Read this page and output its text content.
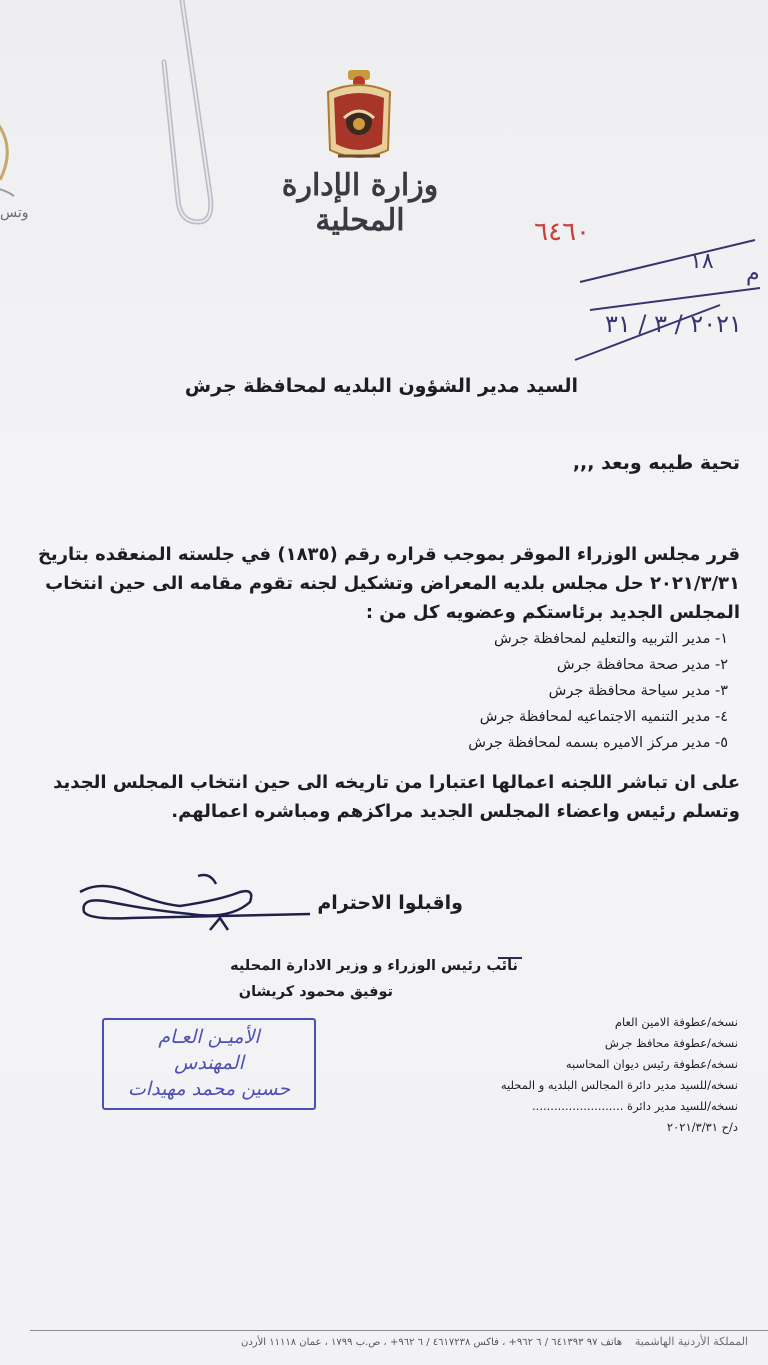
وتس
وزارة الإدارة المحلية	٦٤٦٠
١٨ م
٢٠٢١ / ٣ / ٣١
السيد مدير الشؤون البلديه لمحافظة جرش
تحية طيبه وبعد ,,,
قرر مجلس الوزراء الموقر بموجب قراره رقم (١٨٣٥) في جلسته المنعقده بتاريخ ٢٠٢١/٣/٣١ حل مجلس بلديه المعراض وتشكيل لجنه تقوم مقامه الى حين انتخاب المجلس الجديد برئاستكم وعضويه كل من :
١- مدير التربيه والتعليم لمحافظة جرش
٢- مدير صحة محافظة جرش
٣- مدير سياحة محافظة جرش
٤- مدير التنميه الاجتماعيه لمحافظة جرش
٥- مدير مركز الاميره بسمه لمحافظة جرش
على ان تباشر اللجنه اعمالها اعتبارا من تاريخه الى حين انتخاب المجلس الجديد وتسلم رئيس واعضاء المجلس الجديد مراكزهم ومباشره اعمالهم.
واقبلوا الاحترام
نائب رئيس الوزراء و وزير الادارة المحليه
توفيق محمود كريشان
الأميـن العـام
المهندس
حسين محمد مهيدات
نسخه/عطوفة الامين العام
نسخه/عطوفة محافظ جرش
نسخه/عطوفة رئيس ديوان المحاسبه
نسخه/للسيد مدير دائرة المجالس البلديه و المحليه
نسخه/للسيد مدير دائرة .........................
د/ح ٢٠٢١/٣/٣١
المملكة الأردنية الهاشمية    هاتف ٩٧ ٦٤١٣٩٣ / ٦ ٩٦٢+ ، فاكس ٤٦١٧٢٣٨ / ٦ ٩٦٢+ ، ص.ب ١٧٩٩ ، عمان ١١١١٨ الأردن
